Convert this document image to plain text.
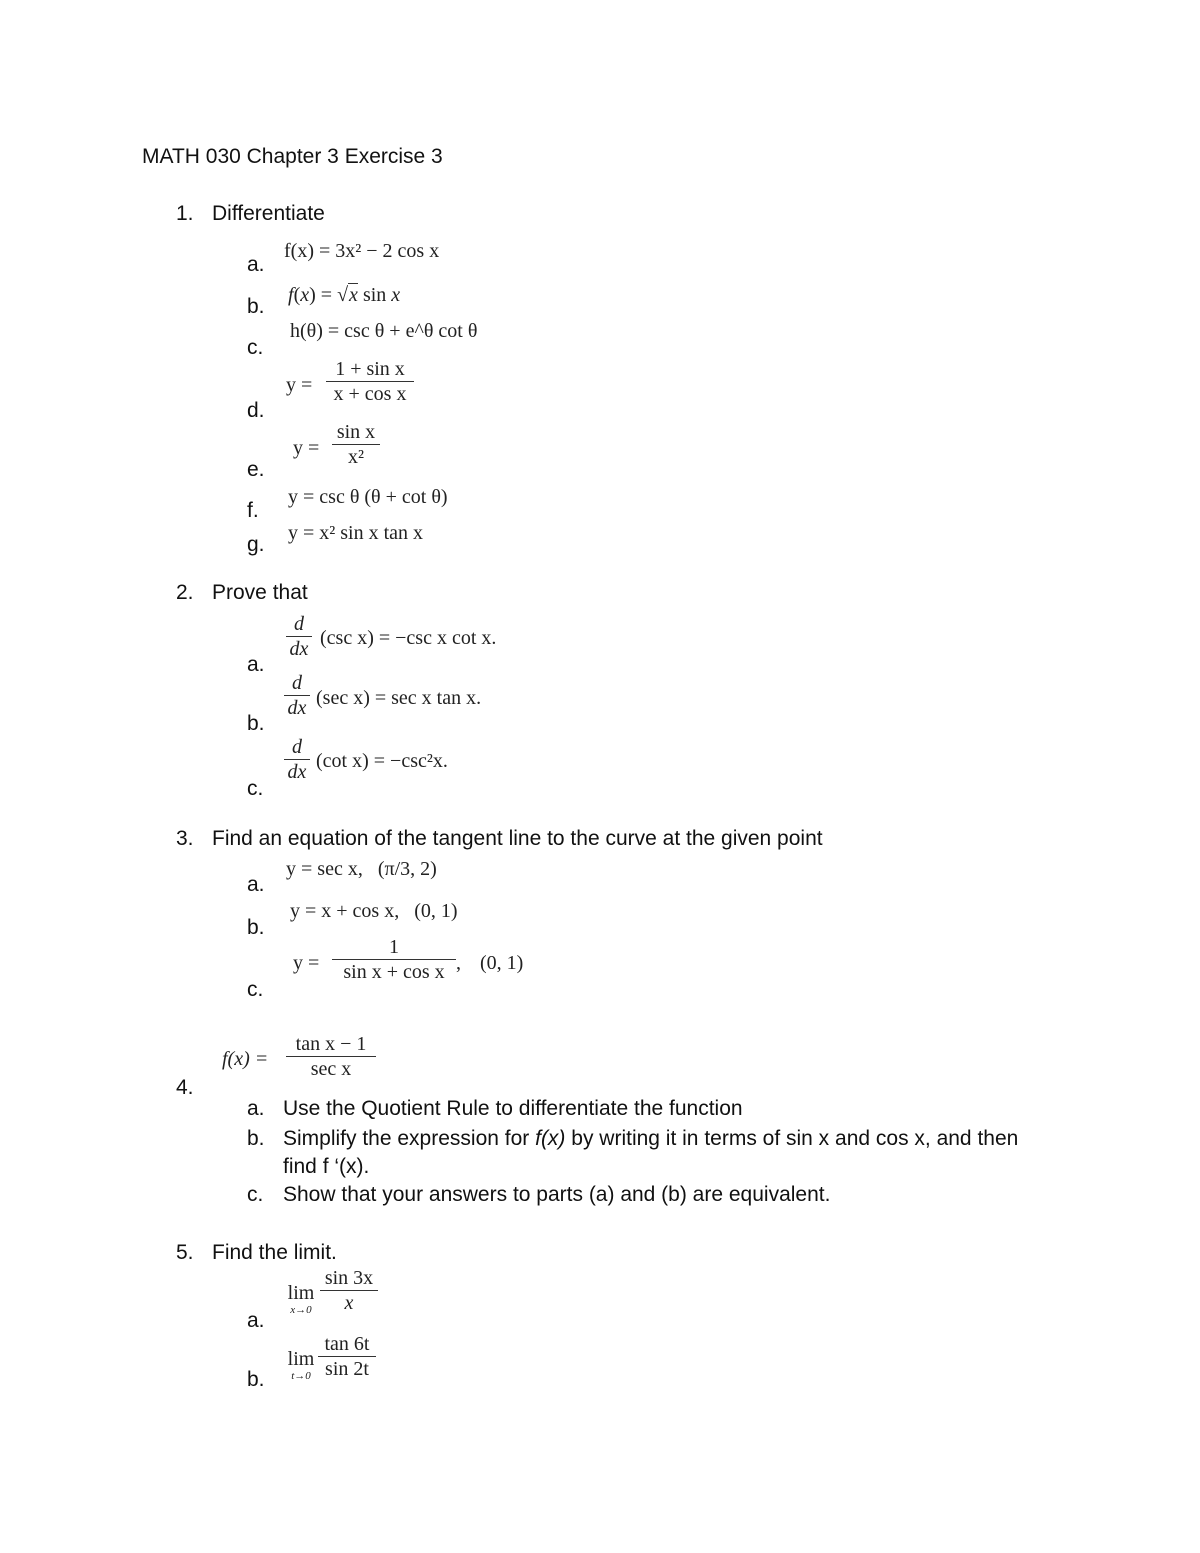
MATH 030 Chapter 3 Exercise 3
1. Differentiate
a.
f(x) = 3x² − 2 cos x
b. f(x) = √x sin x
c.
h(θ) = csc θ + e^θ cot θ
d.
y =
1 + sin x
x + cos x
e.
y =
sin x
x²
f.
y = csc θ (θ + cot θ)
g. y = x² sin x tan x
2. Prove that
a.
d
dx (csc x) = −csc x cot x.
b.
d
dx (sec x) = sec x tan x.
c.
d
dx (cot x) = −csc²x.
3. Find an equation of the tangent line to the curve at the given point
a.
y = sec x,   (π/3, 2)
b.
y = x + cos x,   (0, 1)
c.
y =
1
sin x + cos x , (0, 1)
4.
f(x) =
tan x − 1
sec x
a. Use the Quotient Rule to differentiate the function
b. Simplify the expression for f(x) by writing it in terms of sin x and cos x, and then
find f ‘(x).
c. Show that your answers to parts (a) and (b) are equivalent.
5. Find the limit.
a.
lim
x→0
sin 3x
x
b.
lim
t→0
tan 6t
sin 2t
